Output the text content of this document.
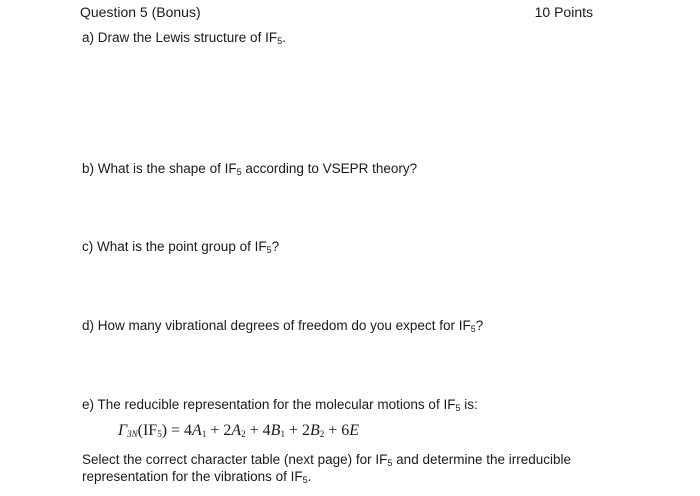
Question 5 (Bonus)	10 Points
a) Draw the Lewis structure of $IF_5$.
b) What is the shape of $IF_5$ according to VSEPR theory?
c) What is the point group of $IF_5$?
d) How many vibrational degrees of freedom do you expect for $IF_5$?
e) The reducible representation for the molecular motions of $IF_5$ is:
$\Gamma_{3N}(IF_5) = 4A_1 + 2A_2 + 4B_1 + 2B_2 + 6E$
Select the correct character table (next page) for $IF_5$ and determine the irreducible
representation for the vibrations of $IF_5$.
